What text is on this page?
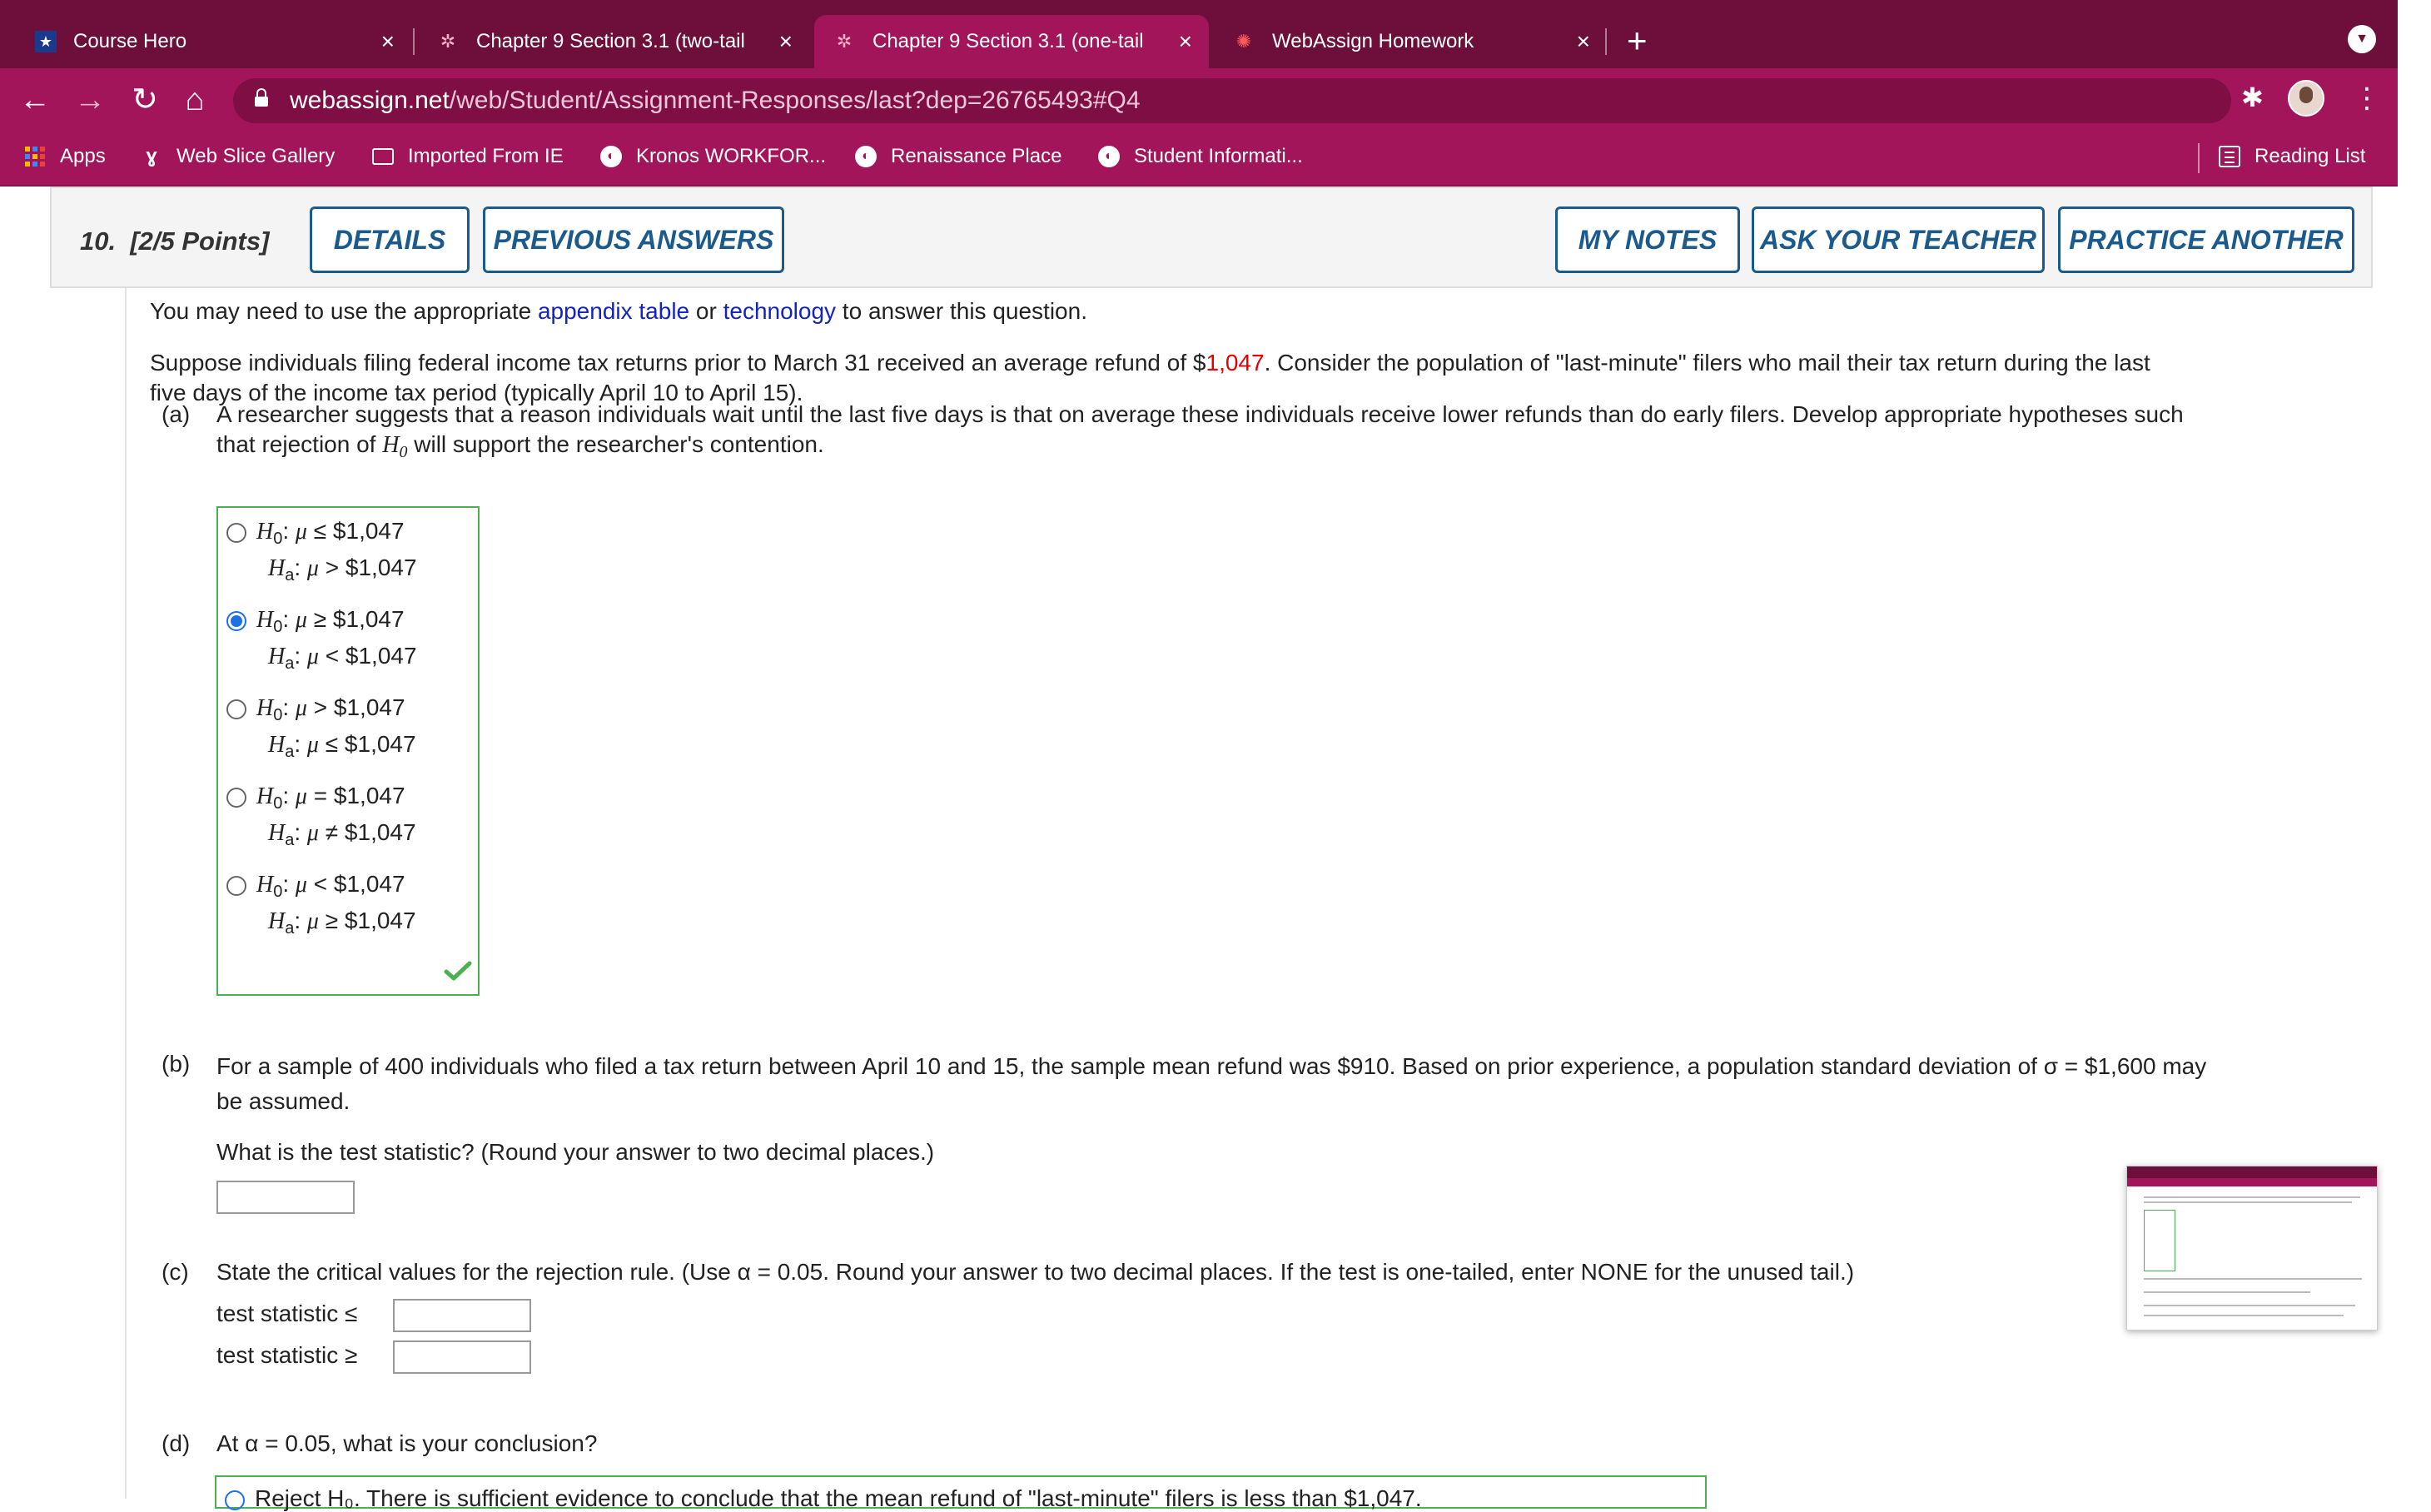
★ Course Hero	× ✲ Chapter 9 Section 3.1 (two-tail	× ✲ Chapter 9 Section 3.1 (one-tail	× ✺ WebAssign Homework	× +	▼
← → ↻ ⌂	webassign.net/web/Student/Assignment-Responses/last?dep=26765493#Q4	☆
✱	⋮
Apps	ɣ Web Slice Gallery	Imported From IE	◐	Kronos WORKFOR...	◐	Renaissance Place	◐	Student Informati...	Reading List
10. [2/5 Points]	DETAILS	PREVIOUS ANSWERS	MY NOTES	ASK YOUR TEACHER	PRACTICE ANOTHER
You may need to use the appropriate appendix table or technology to answer this question.
Suppose individuals filing federal income tax returns prior to March 31 received an average refund of $1,047. Consider the population of "last-minute" filers who mail their tax return during the last
five days of the income tax period (typically April 10 to April 15).
(a) A researcher suggests that a reason individuals wait until the last five days is that on average these individuals receive lower refunds than do early filers. Develop appropriate hypotheses such
that rejection of $H_0$ will support the researcher's contention.
$H_0$: μ ≤ $1,047
$H_a$: μ > $1,047
$H_0$: μ ≥ $1,047
$H_a$: μ < $1,047
$H_0$: μ > $1,047
$H_a$: μ ≤ $1,047
$H_0$: μ = $1,047
$H_a$: μ ≠ $1,047
$H_0$: μ < $1,047
$H_a$: μ ≥ $1,047
(b) For a sample of 400 individuals who filed a tax return between April 10 and 15, the sample mean refund was $910. Based on prior experience, a population standard deviation of σ = $1,600 may
be assumed.
What is the test statistic? (Round your answer to two decimal places.)
(c) State the critical values for the rejection rule. (Use α = 0.05. Round your answer to two decimal places. If the test is one-tailed, enter NONE for the unused tail.)
test statistic ≤
test statistic ≥
(d) At α = 0.05, what is your conclusion?
Reject H₀. There is sufficient evidence to conclude that the mean refund of "last-minute" filers is less than $1,047.
